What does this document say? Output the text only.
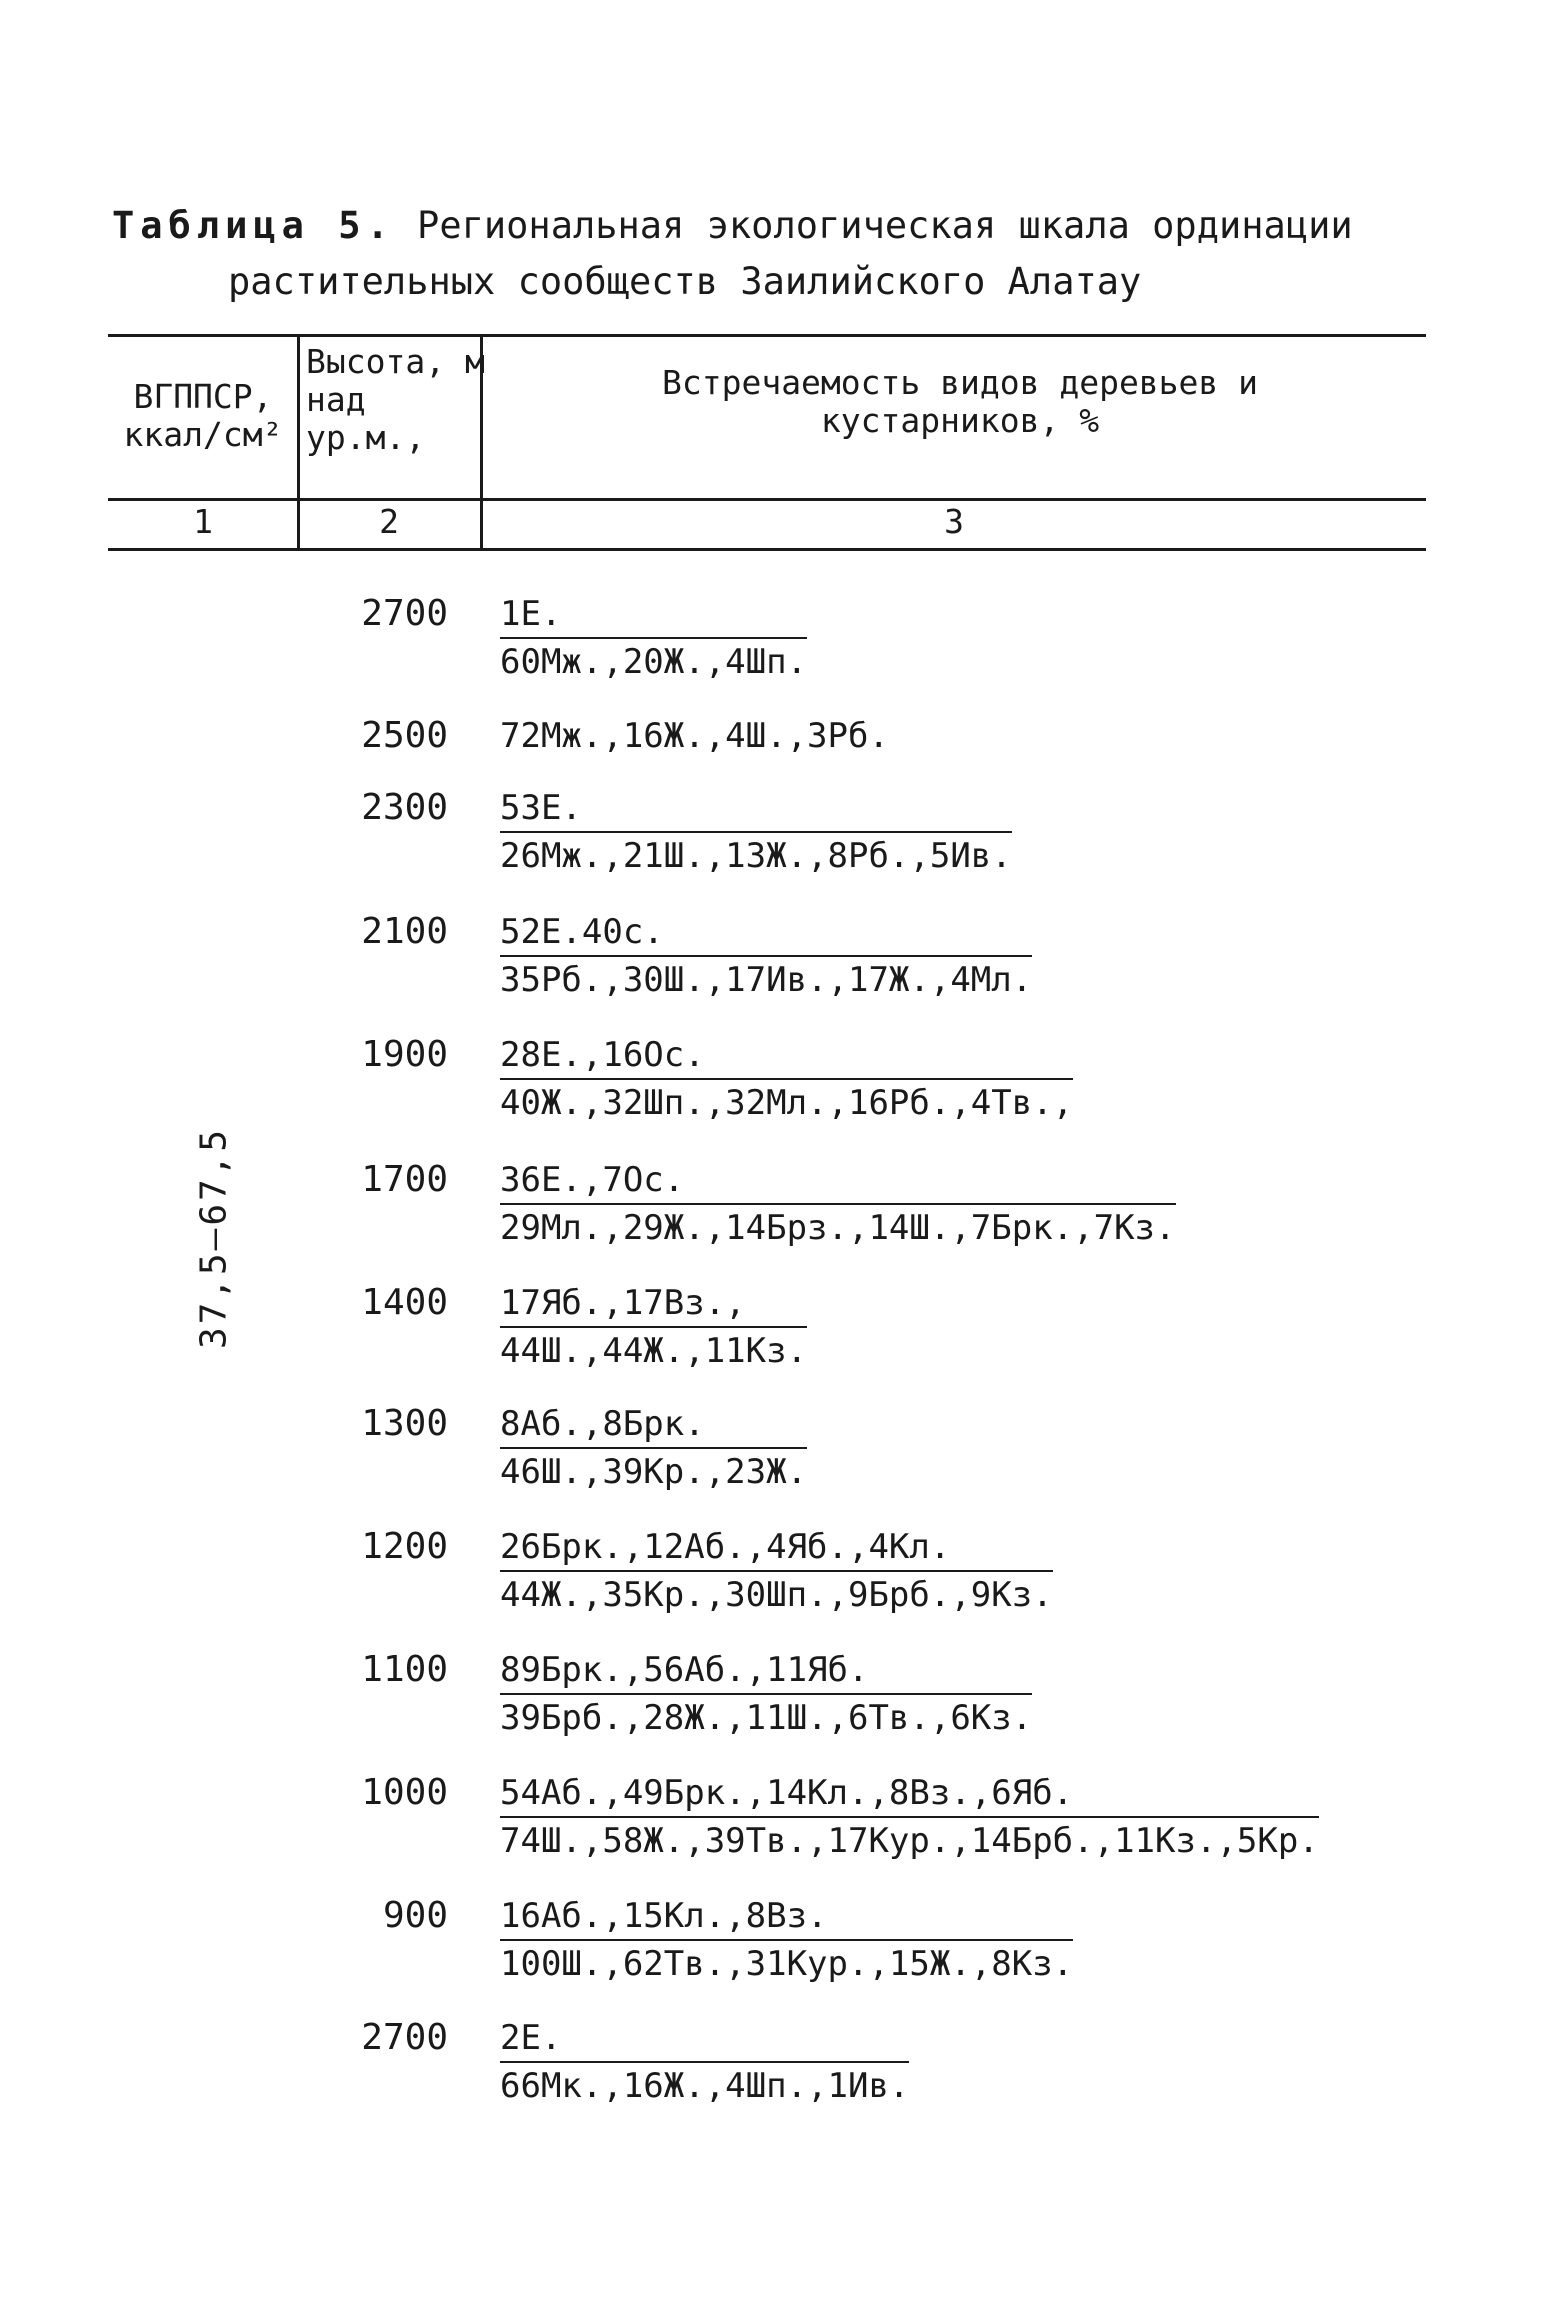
Таблица 5. Региональная экологическая шкала ординации
растительных сообществ Заилийского Алатау
ВГППСР, ккал/см²
Высота, м над ур.м.,
Встречаемость видов деревьев и
кустарников, %
1	2	3
37,5–67,5
$2700 \frac{1Е.}{60Мж.,20Ж.,4Шп.}$
2500 72Мж.,16Ж.,4Ш.,3Рб.
$2300 \frac{53Е.}{26Мж.,21Ш.,13Ж.,8Рб.,5Ив.}$
$2100 \frac{52Е.40с.}{35Рб.,30Ш.,17Ив.,17Ж.,4Мл.}$
$1900 \frac{28Е.,16Ос.}{40Ж.,32Шп.,32Мл.,16Рб.,4Тв.,}$
$1700 \frac{36Е.,7Ос.}{\text{29Мл.,29Ж.,14Брз.,14Ш.,7Брк.,7Кз.}}$
$1400 \frac{17Яб.,17Вз.,}{44Ш.,44Ж.,11Кз.}$
$1300 \frac{\text{8Аб.,8Брк.}}{46Ш.,39Кр.,23Ж.}$
$1200 \frac{\text{26Брк.,12Аб.,4Яб.,4Кл.}}{\text{44Ж.,35Кр.,30Шп.,9Брб.,9Кз.}}$
$1100 \frac{\text{89Брк.,56Аб.,11Яб.}}{\text{39Брб.,28Ж.,11Ш.,6Тв.,6Кз.}}$
$1000 \frac{\text{54Аб.,49Брк.,14Кл.,8Вз.,6Яб.}}{\text{74Ш.,58Ж.,39Тв.,17Кур.,14Брб.,11Кз.,5Кр.}}$
$900 \frac{16Аб.,15Кл.,8Вз.}{\text{100Ш.,62Тв.,31Кур.,15Ж.,8Кз.}}$
$2700 \frac{2Е.}{66Мк.,16Ж.,4Шп.,1Ив.}$
